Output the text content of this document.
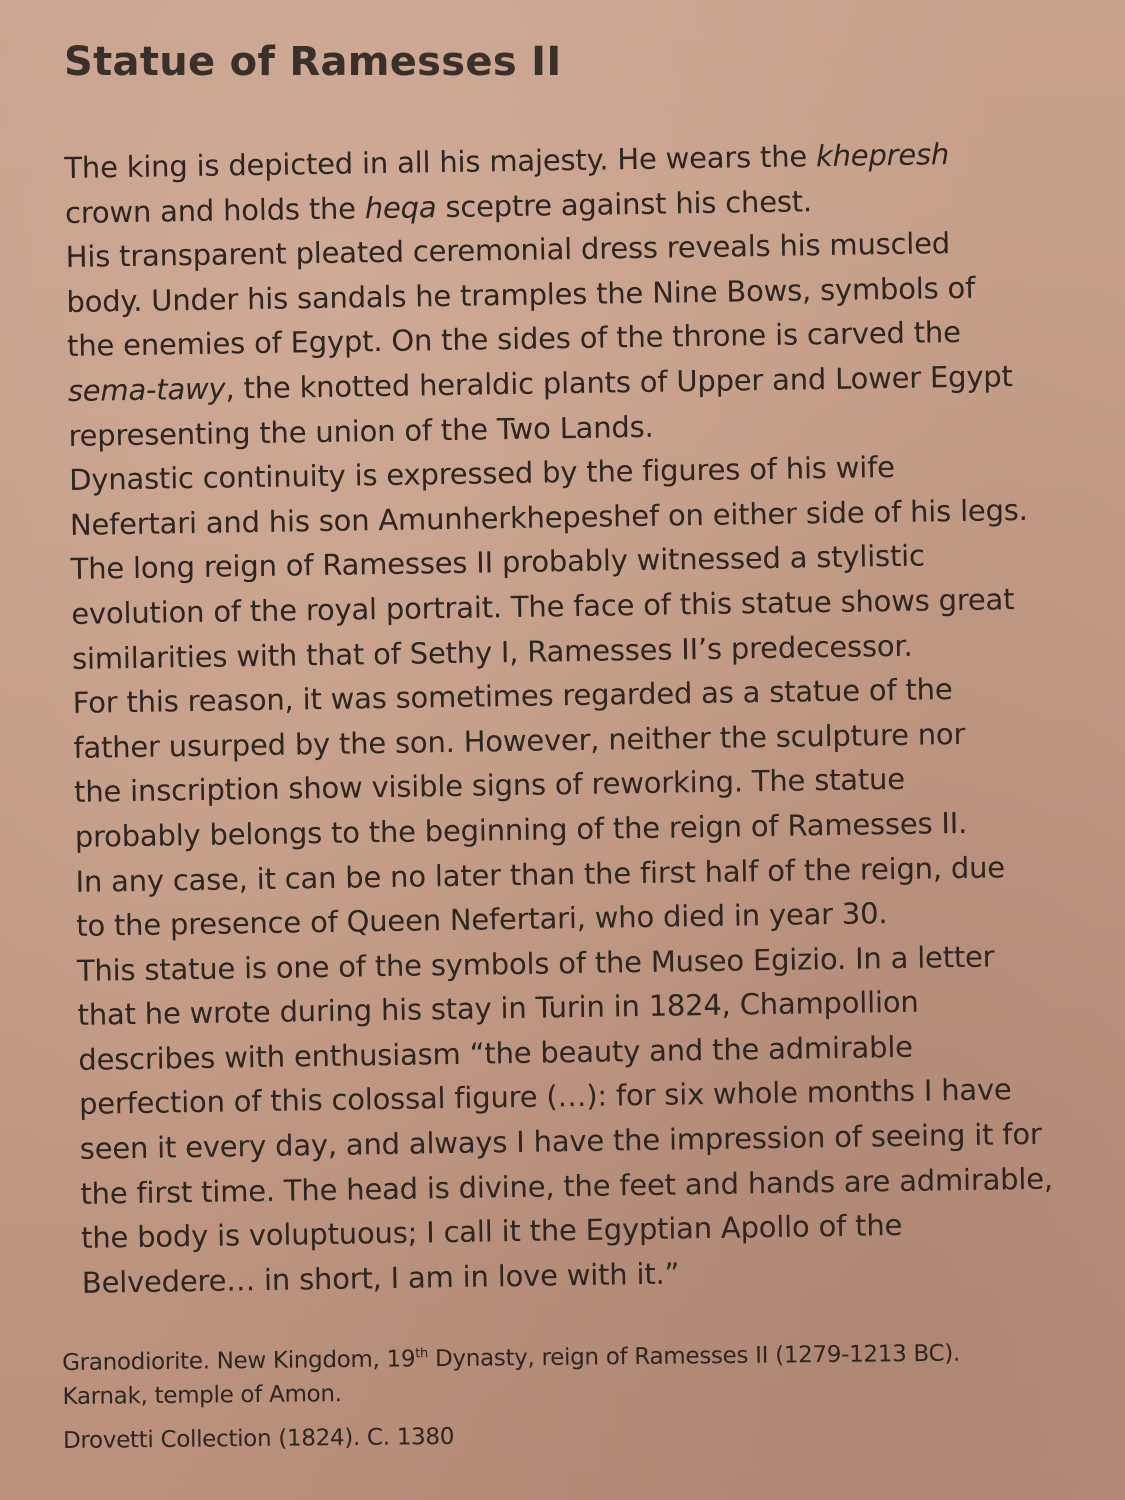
Statue of Ramesses II
The king is depicted in all his majesty. He wears the khepresh
crown and holds the heqa sceptre against his chest.
His transparent pleated ceremonial dress reveals his muscled
body. Under his sandals he tramples the Nine Bows, symbols of
the enemies of Egypt. On the sides of the throne is carved the
sema-tawy, the knotted heraldic plants of Upper and Lower Egypt
representing the union of the Two Lands.
Dynastic continuity is expressed by the figures of his wife
Nefertari and his son Amunherkhepeshef on either side of his legs.
The long reign of Ramesses II probably witnessed a stylistic
evolution of the royal portrait. The face of this statue shows great
similarities with that of Sethy I, Ramesses II’s predecessor.
For this reason, it was sometimes regarded as a statue of the
father usurped by the son. However, neither the sculpture nor
the inscription show visible signs of reworking. The statue
probably belongs to the beginning of the reign of Ramesses II.
In any case, it can be no later than the first half of the reign, due
to the presence of Queen Nefertari, who died in year 30.
This statue is one of the symbols of the Museo Egizio. In a letter
that he wrote during his stay in Turin in 1824, Champollion
describes with enthusiasm “the beauty and the admirable
perfection of this colossal figure (…): for six whole months I have
seen it every day, and always I have the impression of seeing it for
the first time. The head is divine, the feet and hands are admirable,
the body is voluptuous; I call it the Egyptian Apollo of the
Belvedere… in short, I am in love with it.”
Granodiorite. New Kingdom, 19th Dynasty, reign of Ramesses II (1279-1213 BC).
Karnak, temple of Amon.
Drovetti Collection (1824). C. 1380
